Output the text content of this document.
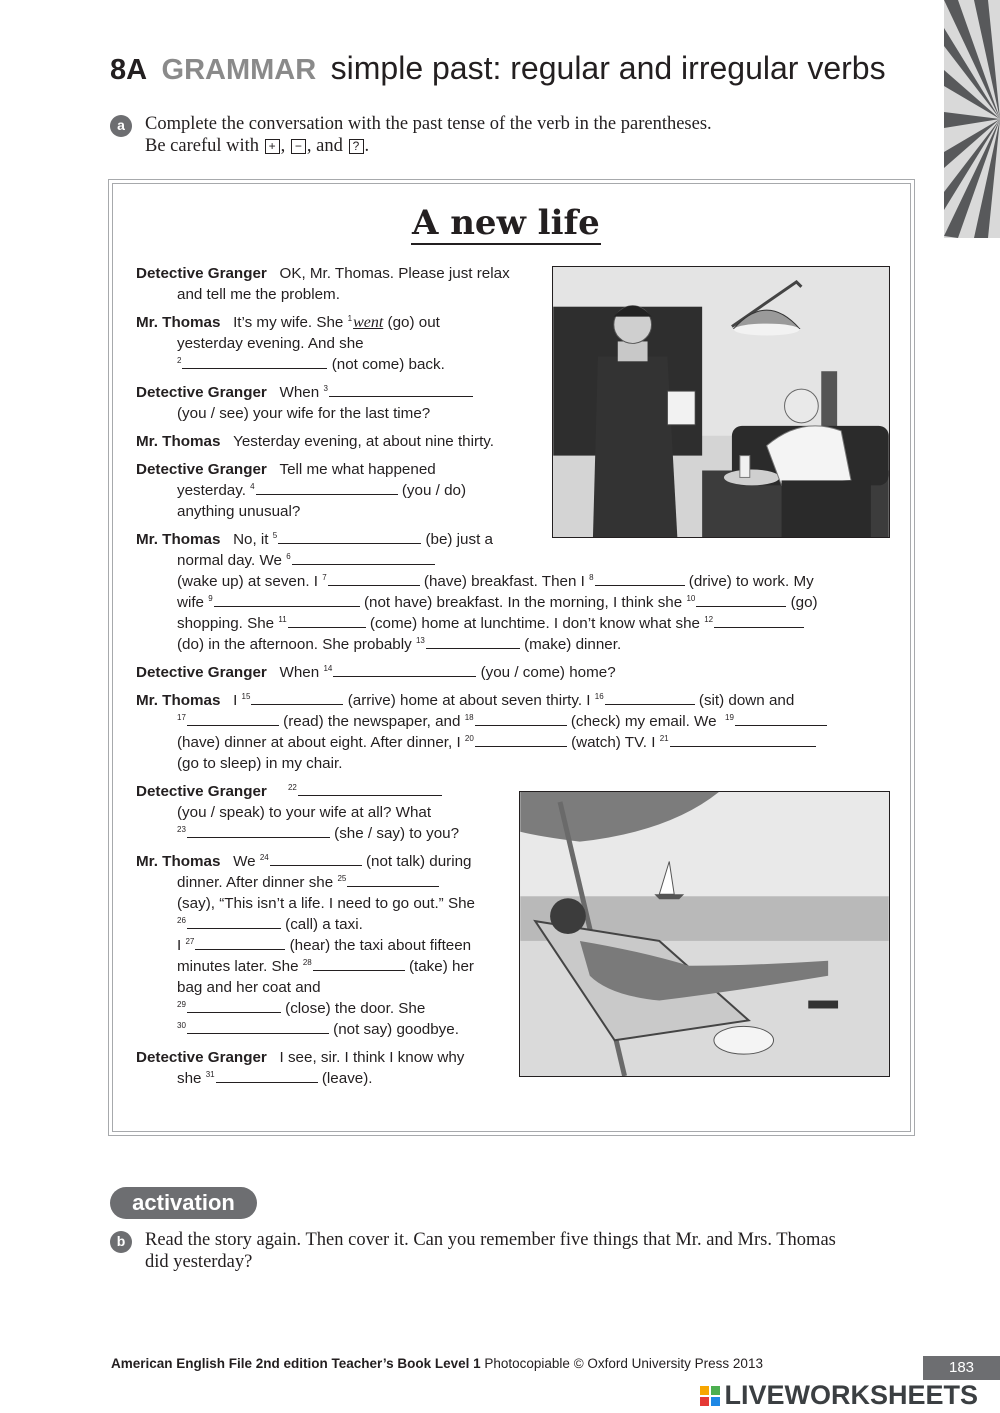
8A GRAMMAR simple past: regular and irregular verbs
a	Complete the conversation with the past tense of the verb in the parentheses.
Be careful with + , − , and ? .
A new life
Detective Granger OK, Mr. Thomas. Please just relax
and tell me the problem.
Mr. Thomas It’s my wife. She $^1$went (go) out
yesterday evening. And she
$^2$	(not come) back.
Detective Granger When $^3$
(you / see) your wife for the last time?
Mr. Thomas Yesterday evening, at about nine thirty.
Detective Granger Tell me what happened
yesterday. $^4$	(you / do)
anything unusual?
Mr. Thomas No, it $^5$	(be) just a
normal day. We $^6$
(wake up) at seven. I $^7$	(have) breakfast. Then I $^8$	(drive) to work. My
wife $^9$	(not have) breakfast. In the morning, I think she $^{10}$	(go)
shopping. She $^{11}$	(come) home at lunchtime. I don’t know what she $^{12}$
(do) in the afternoon. She probably $^{13}$	(make) dinner.
Detective Granger When $^{14}$	(you / come) home?
Mr. Thomas I $^{15}$	(arrive) home at about seven thirty. I $^{16}$	(sit) down and
$^{17}$	(read) the newspaper, and $^{18}$	(check) my email. We $^{19}$
(have) dinner at about eight. After dinner, I $^{20}$	(watch) TV. I $^{21}$
(go to sleep) in my chair.
Detective Granger	$^{22}$
(you / speak) to your wife at all? What
$^{23}$	(she / say) to you?
Mr. Thomas We $^{24}$	(not talk) during
dinner. After dinner she $^{25}$
(say), “This isn’t a life. I need to go out.” She
$^{26}$	(call) a taxi.
I $^{27}$	(hear) the taxi about fifteen
minutes later. She $^{28}$	(take) her
bag and her coat and
$^{29}$	(close) the door. She
$^{30}$	(not say) goodbye.
Detective Granger I see, sir. I think I know why
she $^{31}$	(leave).
activation
b	Read the story again. Then cover it. Can you remember five things that Mr. and Mrs. Thomas
did yesterday?
American English File 2nd edition Teacher’s Book Level 1 Photocopiable © Oxford University Press 2013	183
LIVEWORKSHEETS
